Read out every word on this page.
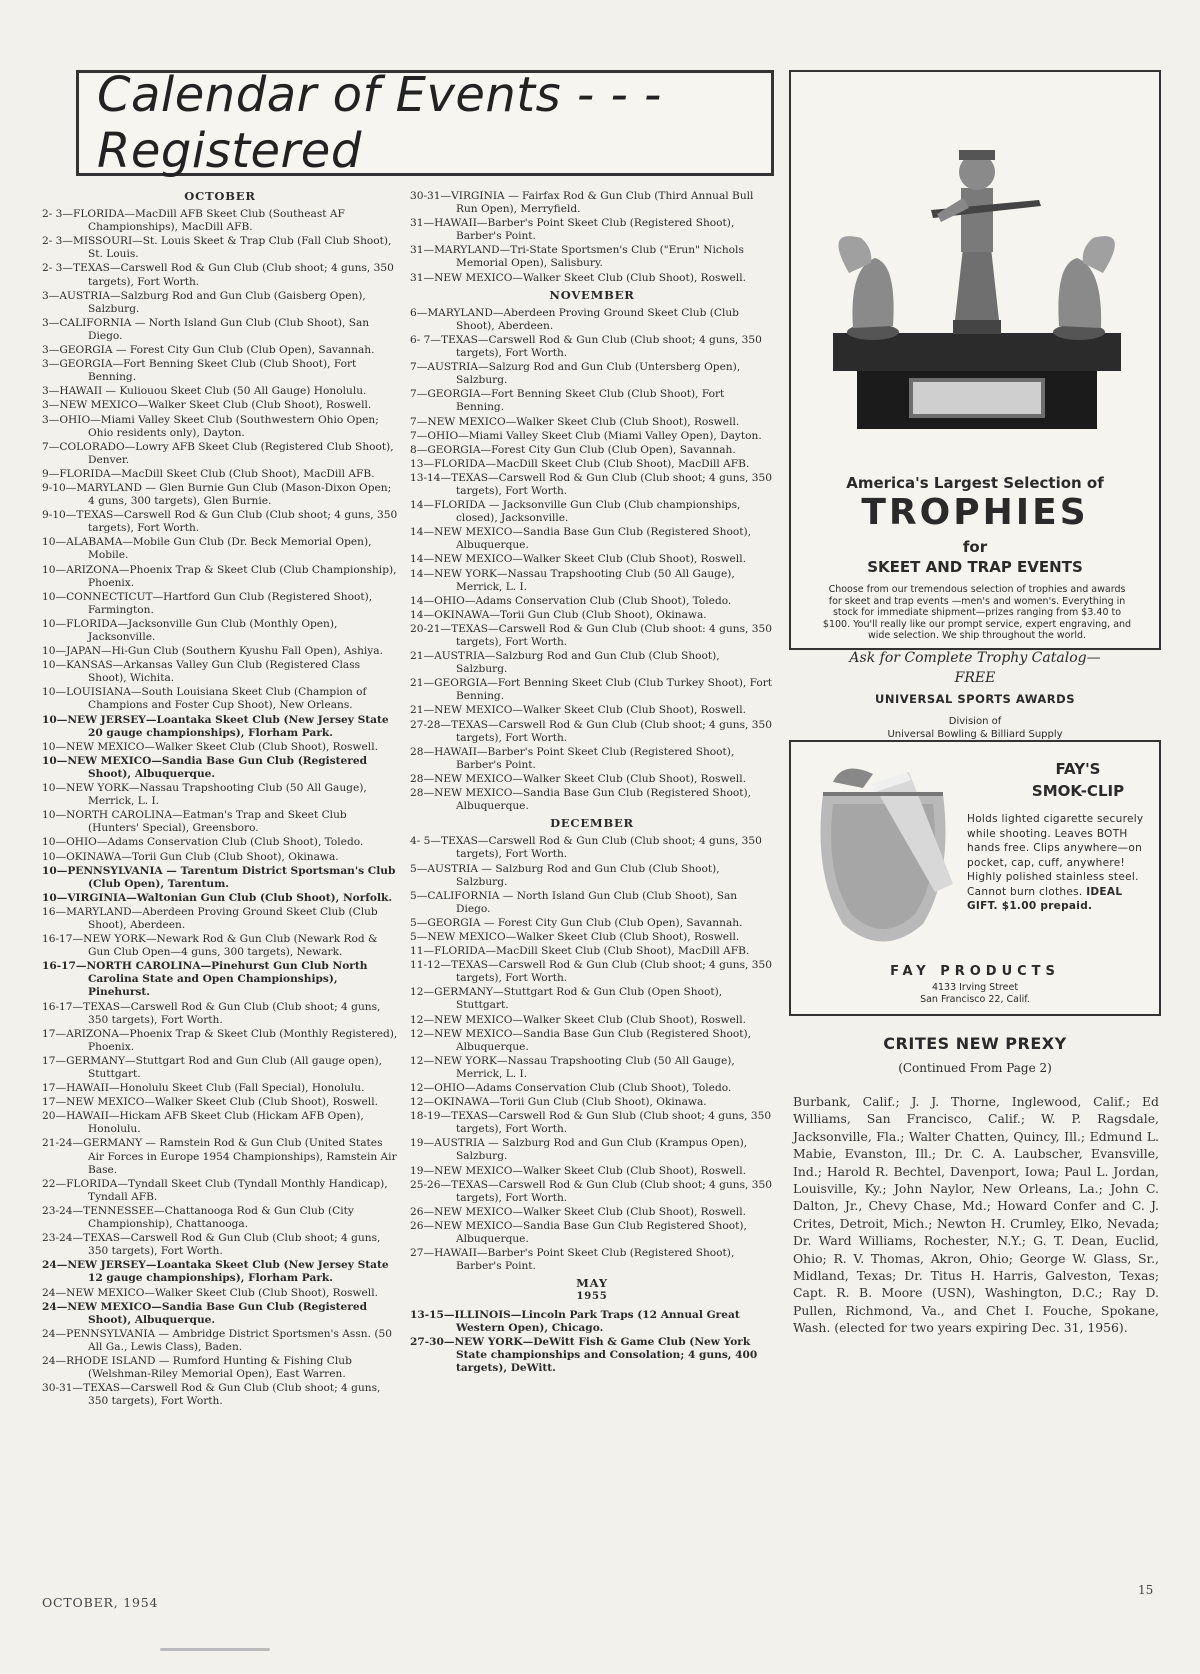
Calendar of Events - - - Registered
OCTOBER
2- 3—FLORIDA—MacDill AFB Skeet Club (Southeast AF Championships), MacDill AFB.
2- 3—MISSOURI—St. Louis Skeet & Trap Club (Fall Club Shoot), St. Louis.
2- 3—TEXAS—Carswell Rod & Gun Club (Club shoot; 4 guns, 350 targets), Fort Worth.
3—AUSTRIA—Salzburg Rod and Gun Club (Gaisberg Open), Salzburg.
3—CALIFORNIA — North Island Gun Club (Club Shoot), San Diego.
3—GEORGIA — Forest City Gun Club (Club Open), Savannah.
3—GEORGIA—Fort Benning Skeet Club (Club Shoot), Fort Benning.
3—HAWAII — Kuliouou Skeet Club (50 All Gauge) Honolulu.
3—NEW MEXICO—Walker Skeet Club (Club Shoot), Roswell.
3—OHIO—Miami Valley Skeet Club (Southwestern Ohio Open; Ohio residents only), Dayton.
7—COLORADO—Lowry AFB Skeet Club (Registered Club Shoot), Denver.
9—FLORIDA—MacDill Skeet Club (Club Shoot), MacDill AFB.
9-10—MARYLAND — Glen Burnie Gun Club (Mason-Dixon Open; 4 guns, 300 targets), Glen Burnie.
9-10—TEXAS—Carswell Rod & Gun Club (Club shoot; 4 guns, 350 targets), Fort Worth.
10—ALABAMA—Mobile Gun Club (Dr. Beck Memorial Open), Mobile.
10—ARIZONA—Phoenix Trap & Skeet Club (Club Championship), Phoenix.
10—CONNECTICUT—Hartford Gun Club (Registered Shoot), Farmington.
10—FLORIDA—Jacksonville Gun Club (Monthly Open), Jacksonville.
10—JAPAN—Hi-Gun Club (Southern Kyushu Fall Open), Ashiya.
10—KANSAS—Arkansas Valley Gun Club (Registered Class Shoot), Wichita.
10—LOUISIANA—South Louisiana Skeet Club (Champion of Champions and Foster Cup Shoot), New Orleans.
10—NEW JERSEY—Loantaka Skeet Club (New Jersey State 20 gauge championships), Florham Park.
10—NEW MEXICO—Walker Skeet Club (Club Shoot), Roswell.
10—NEW MEXICO—Sandia Base Gun Club (Registered Shoot), Albuquerque.
10—NEW YORK—Nassau Trapshooting Club (50 All Gauge), Merrick, L. I.
10—NORTH CAROLINA—Eatman's Trap and Skeet Club (Hunters' Special), Greensboro.
10—OHIO—Adams Conservation Club (Club Shoot), Toledo.
10—OKINAWA—Torii Gun Club (Club Shoot), Okinawa.
10—PENNSYLVANIA — Tarentum District Sportsman's Club (Club Open), Tarentum.
10—VIRGINIA—Waltonian Gun Club (Club Shoot), Norfolk.
16—MARYLAND—Aberdeen Proving Ground Skeet Club (Club Shoot), Aberdeen.
16-17—NEW YORK—Newark Rod & Gun Club (Newark Rod & Gun Club Open—4 guns, 300 targets), Newark.
16-17—NORTH CAROLINA—Pinehurst Gun Club North Carolina State and Open Championships), Pinehurst.
16-17—TEXAS—Carswell Rod & Gun Club (Club shoot; 4 guns, 350 targets), Fort Worth.
17—ARIZONA—Phoenix Trap & Skeet Club (Monthly Registered), Phoenix.
17—GERMANY—Stuttgart Rod and Gun Club (All gauge open), Stuttgart.
17—HAWAII—Honolulu Skeet Club (Fall Special), Honolulu.
17—NEW MEXICO—Walker Skeet Club (Club Shoot), Roswell.
20—HAWAII—Hickam AFB Skeet Club (Hickam AFB Open), Honolulu.
21-24—GERMANY — Ramstein Rod & Gun Club (United States Air Forces in Europe 1954 Championships), Ramstein Air Base.
22—FLORIDA—Tyndall Skeet Club (Tyndall Monthly Handicap), Tyndall AFB.
23-24—TENNESSEE—Chattanooga Rod & Gun Club (City Championship), Chattanooga.
23-24—TEXAS—Carswell Rod & Gun Club (Club shoot; 4 guns, 350 targets), Fort Worth.
24—NEW JERSEY—Loantaka Skeet Club (New Jersey State 12 gauge championships), Florham Park.
24—NEW MEXICO—Walker Skeet Club (Club Shoot), Roswell.
24—NEW MEXICO—Sandia Base Gun Club (Registered Shoot), Albuquerque.
24—PENNSYLVANIA — Ambridge District Sportsmen's Assn. (50 All Ga., Lewis Class), Baden.
24—RHODE ISLAND — Rumford Hunting & Fishing Club (Welshman-Riley Memorial Open), East Warren.
30-31—TEXAS—Carswell Rod & Gun Club (Club shoot; 4 guns, 350 targets), Fort Worth.
30-31—VIRGINIA — Fairfax Rod & Gun Club (Third Annual Bull Run Open), Merryfield.
31—HAWAII—Barber's Point Skeet Club (Registered Shoot), Barber's Point.
31—MARYLAND—Tri-State Sportsmen's Club ("Erun" Nichols Memorial Open), Salisbury.
31—NEW MEXICO—Walker Skeet Club (Club Shoot), Roswell.
NOVEMBER
6—MARYLAND—Aberdeen Proving Ground Skeet Club (Club Shoot), Aberdeen.
6- 7—TEXAS—Carswell Rod & Gun Club (Club shoot; 4 guns, 350 targets), Fort Worth.
7—AUSTRIA—Salzurg Rod and Gun Club (Untersberg Open), Salzburg.
7—GEORGIA—Fort Benning Skeet Club (Club Shoot), Fort Benning.
7—NEW MEXICO—Walker Skeet Club (Club Shoot), Roswell.
7—OHIO—Miami Valley Skeet Club (Miami Valley Open), Dayton.
8—GEORGIA—Forest City Gun Club (Club Open), Savannah.
13—FLORIDA—MacDill Skeet Club (Club Shoot), MacDill AFB.
13-14—TEXAS—Carswell Rod & Gun Club (Club shoot; 4 guns, 350 targets), Fort Worth.
14—FLORIDA — Jacksonville Gun Club (Club championships, closed), Jacksonville.
14—NEW MEXICO—Sandia Base Gun Club (Registered Shoot), Albuquerque.
14—NEW MEXICO—Walker Skeet Club (Club Shoot), Roswell.
14—NEW YORK—Nassau Trapshooting Club (50 All Gauge), Merrick, L. I.
14—OHIO—Adams Conservation Club (Club Shoot), Toledo.
14—OKINAWA—Torii Gun Club (Club Shoot), Okinawa.
20-21—TEXAS—Carswell Rod & Gun Club (Club shoot: 4 guns, 350 targets), Fort Worth.
21—AUSTRIA—Salzburg Rod and Gun Club (Club Shoot), Salzburg.
21—GEORGIA—Fort Benning Skeet Club (Club Turkey Shoot), Fort Benning.
21—NEW MEXICO—Walker Skeet Club (Club Shoot), Roswell.
27-28—TEXAS—Carswell Rod & Gun Club (Club shoot; 4 guns, 350 targets), Fort Worth.
28—HAWAII—Barber's Point Skeet Club (Registered Shoot), Barber's Point.
28—NEW MEXICO—Walker Skeet Club (Club Shoot), Roswell.
28—NEW MEXICO—Sandia Base Gun Club (Registered Shoot), Albuquerque.
DECEMBER
4- 5—TEXAS—Carswell Rod & Gun Club (Club shoot; 4 guns, 350 targets), Fort Worth.
5—AUSTRIA — Salzburg Rod and Gun Club (Club Shoot), Salzburg.
5—CALIFORNIA — North Island Gun Club (Club Shoot), San Diego.
5—GEORGIA — Forest City Gun Club (Club Open), Savannah.
5—NEW MEXICO—Walker Skeet Club (Club Shoot), Roswell.
11—FLORIDA—MacDill Skeet Club (Club Shoot), MacDill AFB.
11-12—TEXAS—Carswell Rod & Gun Club (Club shoot; 4 guns, 350 targets), Fort Worth.
12—GERMANY—Stuttgart Rod & Gun Club (Open Shoot), Stuttgart.
12—NEW MEXICO—Walker Skeet Club (Club Shoot), Roswell.
12—NEW MEXICO—Sandia Base Gun Club (Registered Shoot), Albuquerque.
12—NEW YORK—Nassau Trapshooting Club (50 All Gauge), Merrick, L. I.
12—OHIO—Adams Conservation Club (Club Shoot), Toledo.
12—OKINAWA—Torii Gun Club (Club Shoot), Okinawa.
18-19—TEXAS—Carswell Rod & Gun Slub (Club shoot; 4 guns, 350 targets), Fort Worth.
19—AUSTRIA — Salzburg Rod and Gun Club (Krampus Open), Salzburg.
19—NEW MEXICO—Walker Skeet Club (Club Shoot), Roswell.
25-26—TEXAS—Carswell Rod & Gun Club (Club shoot; 4 guns, 350 targets), Fort Worth.
26—NEW MEXICO—Walker Skeet Club (Club Shoot), Roswell.
26—NEW MEXICO—Sandia Base Gun Club Registered Shoot), Albuquerque.
27—HAWAII—Barber's Point Skeet Club (Registered Shoot), Barber's Point.
MAY
1955
13-15—ILLINOIS—Lincoln Park Traps (12 Annual Great Western Open), Chicago.
27-30—NEW YORK—DeWitt Fish & Game Club (New York State championships and Consolation; 4 guns, 400 targets), DeWitt.
America's Largest Selection of
TROPHIES
for
SKEET AND TRAP EVENTS
Choose from our tremendous selection of trophies and awards for skeet and trap events —men's and women's. Everything in stock for immediate shipment—prizes ranging from $3.40 to $100. You'll really like our prompt service, expert engraving, and wide selection. We ship throughout the world.
Ask for Complete Trophy Catalog—
FREE
UNIVERSAL SPORTS AWARDS
Division of
Universal Bowling & Billiard Supply
FAY'S
SMOK-CLIP
Holds lighted cigarette securely while shooting. Leaves BOTH hands free. Clips anywhere—on pocket, cap, cuff, anywhere! Highly polished stainless steel. Cannot burn clothes. IDEAL GIFT. $1.00 prepaid.
FAY PRODUCTS
4133 Irving Street
San Francisco 22, Calif.
CRITES NEW PREXY
(Continued From Page 2)
Burbank, Calif.; J. J. Thorne, Inglewood, Calif.; Ed Williams, San Francisco, Calif.; W. P. Ragsdale, Jacksonville, Fla.; Walter Chatten, Quincy, Ill.; Edmund L. Mabie, Evanston, Ill.; Dr. C. A. Laubscher, Evansville, Ind.; Harold R. Bechtel, Davenport, Iowa; Paul L. Jordan, Louisville, Ky.; John Naylor, New Orleans, La.; John C. Dalton, Jr., Chevy Chase, Md.; Howard Confer and C. J. Crites, Detroit, Mich.; Newton H. Crumley, Elko, Nevada; Dr. Ward Williams, Rochester, N.Y.; G. T. Dean, Euclid, Ohio; R. V. Thomas, Akron, Ohio; George W. Glass, Sr., Midland, Texas; Dr. Titus H. Harris, Galveston, Texas; Capt. R. B. Moore (USN), Washington, D.C.; Ray D. Pullen, Richmond, Va., and Chet I. Fouche, Spokane, Wash. (elected for two years expiring Dec. 31, 1956).
OCTOBER, 1954
15
